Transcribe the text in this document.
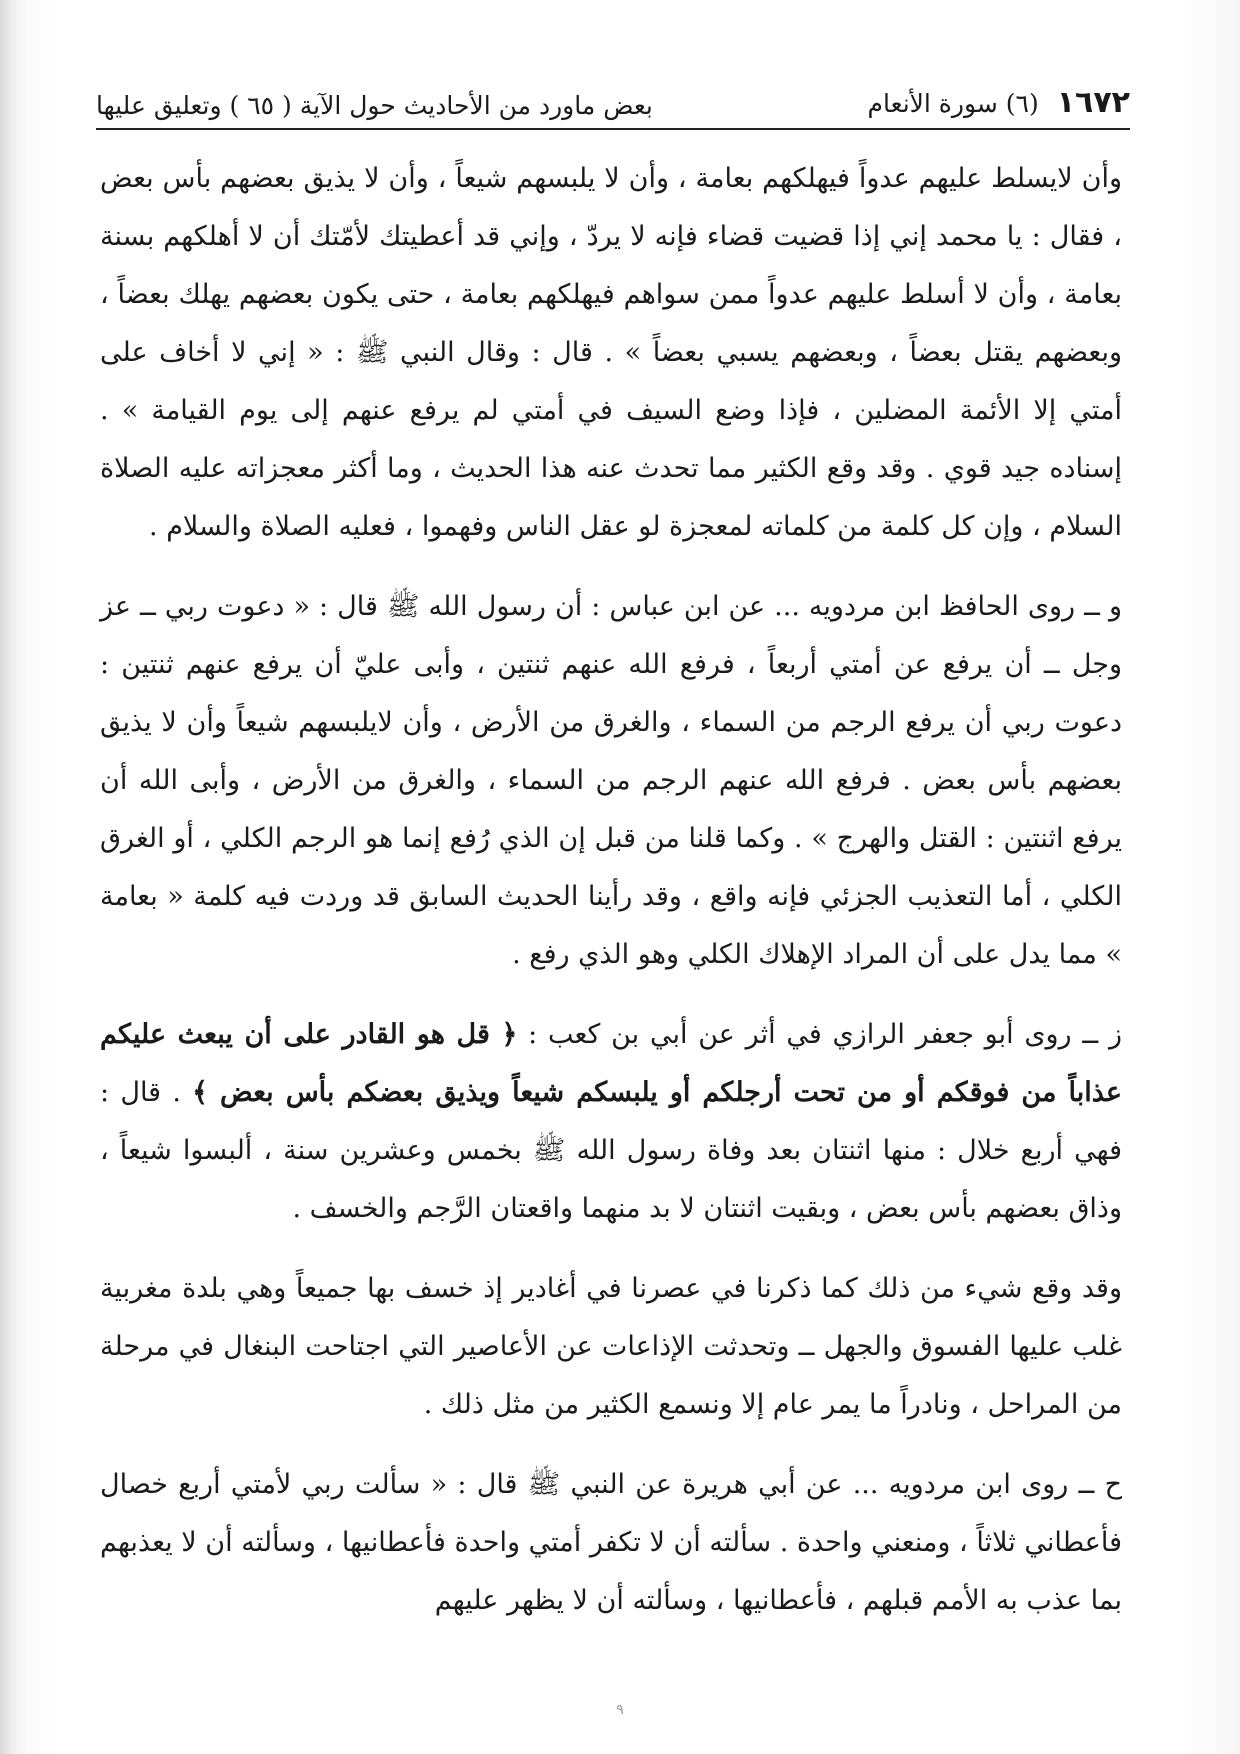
١٦٧٢
(٦) سورة الأنعام
بعض ماورد من الأحاديث حول الآية ( ٦٥ ) وتعليق عليها

وأن لايسلط عليهم عدواً فيهلكهم بعامة ، وأن لا يلبسهم شيعاً ، وأن لا يذيق بعضهم بأس بعض ، فقال : يا محمد إني إذا قضيت قضاء فإنه لا يردّ ، وإني قد أعطيتك لأمّتك أن لا أهلكهم بسنة بعامة ، وأن لا أسلط عليهم عدواً ممن سواهم فيهلكهم بعامة ، حتى يكون بعضهم يهلك بعضاً ، وبعضهم يقتل بعضاً ، وبعضهم يسبي بعضاً » . قال : وقال النبي ﷺ : « إني لا أخاف على أمتي إلا الأئمة المضلين ، فإذا وضع السيف في أمتي لم يرفع عنهم إلى يوم القيامة » . إسناده جيد قوي . وقد وقع الكثير مما تحدث عنه هذا الحديث ، وما أكثر معجزاته عليه الصلاة السلام ، وإن كل كلمة من كلماته لمعجزة لو عقل الناس وفهموا ، فعليه الصلاة والسلام .

و ــ روى الحافظ ابن مردويه ... عن ابن عباس : أن رسول الله ﷺ قال : « دعوت ربي ــ عز وجل ــ أن يرفع عن أمتي أربعاً ، فرفع الله عنهم ثنتين ، وأبى عليّ أن يرفع عنهم ثنتين : دعوت ربي أن يرفع الرجم من السماء ، والغرق من الأرض ، وأن لايلبسهم شيعاً وأن لا يذيق بعضهم بأس بعض . فرفع الله عنهم الرجم من السماء ، والغرق من الأرض ، وأبى الله أن يرفع اثنتين : القتل والهرج » . وكما قلنا من قبل إن الذي رُفع إنما هو الرجم الكلي ، أو الغرق الكلي ، أما التعذيب الجزئي فإنه واقع ، وقد رأينا الحديث السابق قد وردت فيه كلمة « بعامة » مما يدل على أن المراد الإهلاك الكلي وهو الذي رفع .

ز ــ روى أبو جعفر الرازي في أثر عن أبي بن كعب : ﴿ قل هو القادر على أن يبعث عليكم عذاباً من فوقكم أو من تحت أرجلكم أو يلبسكم شيعاً ويذيق بعضكم بأس بعض ﴾ . قال : فهي أربع خلال : منها اثنتان بعد وفاة رسول الله ﷺ بخمس وعشرين سنة ، ألبسوا شيعاً ، وذاق بعضهم بأس بعض ، وبقيت اثنتان لا بد منهما واقعتان الرَّجم والخسف .

وقد وقع شيء من ذلك كما ذكرنا في عصرنا في أغادير إذ خسف بها جميعاً وهي بلدة مغربية غلب عليها الفسوق والجهل ــ وتحدثت الإذاعات عن الأعاصير التي اجتاحت البنغال في مرحلة من المراحل ، ونادراً ما يمر عام إلا ونسمع الكثير من مثل ذلك .

ح ــ روى ابن مردويه ... عن أبي هريرة عن النبي ﷺ قال : « سألت ربي لأمتي أربع خصال فأعطاني ثلاثاً ، ومنعني واحدة . سألته أن لا تكفر أمتي واحدة فأعطانيها ، وسألته أن لا يعذبهم بما عذب به الأمم قبلهم ، فأعطانيها ، وسألته أن لا يظهر عليهم

٩
